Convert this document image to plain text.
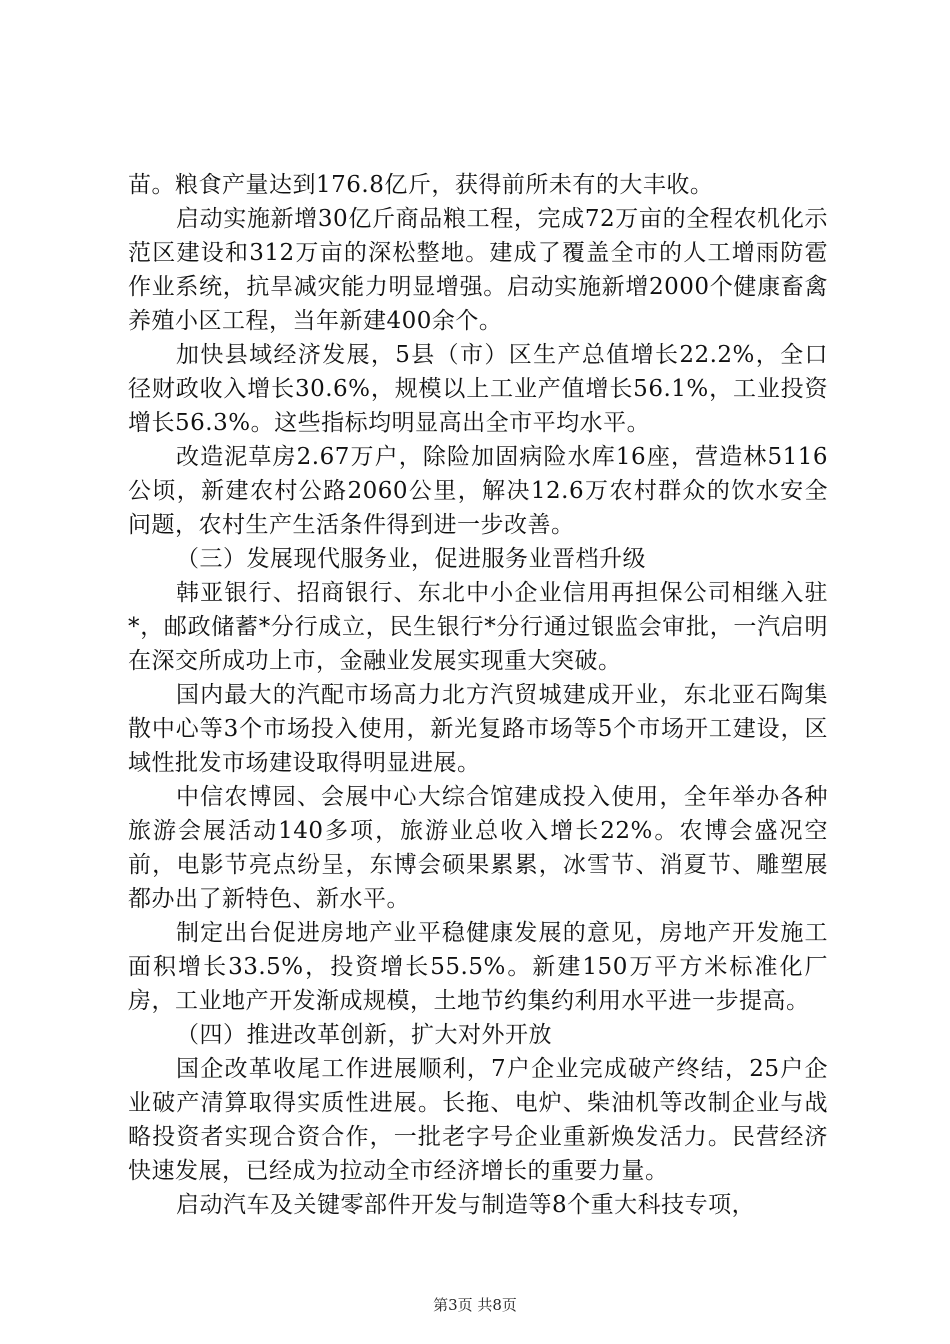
苗。粮食产量达到176.8亿斤，获得前所未有的大丰收。

启动实施新增30亿斤商品粮工程，完成72万亩的全程农机化示范区建设和312万亩的深松整地。建成了覆盖全市的人工增雨防雹作业系统，抗旱减灾能力明显增强。启动实施新增2000个健康畜禽养殖小区工程，当年新建400余个。

加快县域经济发展，5县（市）区生产总值增长22.2%，全口径财政收入增长30.6%，规模以上工业产值增长56.1%，工业投资增长56.3%。这些指标均明显高出全市平均水平。

改造泥草房2.67万户，除险加固病险水库16座，营造林5116公顷，新建农村公路2060公里，解决12.6万农村群众的饮水安全问题，农村生产生活条件得到进一步改善。

（三）发展现代服务业，促进服务业晋档升级

韩亚银行、招商银行、东北中小企业信用再担保公司相继入驻*，邮政储蓄*分行成立，民生银行*分行通过银监会审批，一汽启明在深交所成功上市，金融业发展实现重大突破。

国内最大的汽配市场高力北方汽贸城建成开业，东北亚石陶集散中心等3个市场投入使用，新光复路市场等5个市场开工建设，区域性批发市场建设取得明显进展。

中信农博园、会展中心大综合馆建成投入使用，全年举办各种旅游会展活动140多项，旅游业总收入增长22%。农博会盛况空前，电影节亮点纷呈，东博会硕果累累，冰雪节、消夏节、雕塑展都办出了新特色、新水平。

制定出台促进房地产业平稳健康发展的意见，房地产开发施工面积增长33.5%，投资增长55.5%。新建150万平方米标准化厂房，工业地产开发渐成规模，土地节约集约利用水平进一步提高。

（四）推进改革创新，扩大对外开放

国企改革收尾工作进展顺利，7户企业完成破产终结，25户企业破产清算取得实质性进展。长拖、电炉、柴油机等改制企业与战略投资者实现合资合作，一批老字号企业重新焕发活力。民营经济快速发展，已经成为拉动全市经济增长的重要力量。

启动汽车及关键零部件开发与制造等8个重大科技专项，

第3页 共8页
